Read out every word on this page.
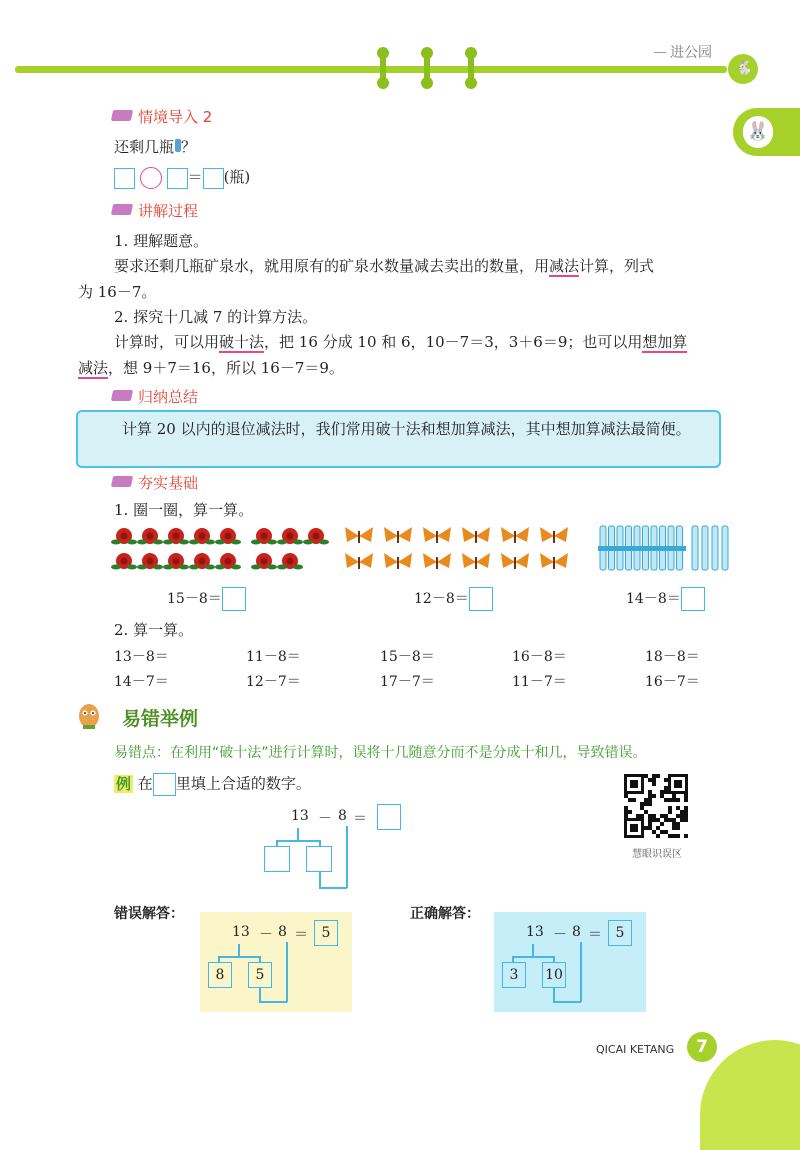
进公园
🐇
🐰
情境导入 2
还剩几瓶 ？
＝ (瓶)
讲解过程
1. 理解题意。
要求还剩几瓶矿泉水，就用原有的矿泉水数量减去卖出的数量，用减法计算，列式
为 16－7。
2. 探究十几减 7 的计算方法。
计算时，可以用破十法，把 16 分成 10 和 6，10－7＝3，3＋6＝9；也可以用想加算
减法，想 9＋7＝16，所以 16－7＝9。
归纳总结
计算 20 以内的退位减法时，我们常用破十法和想加算减法，其中想加算减法最简便。
夯实基础
1. 圈一圈，算一算。
15－8＝	12－8＝	14－8＝
2. 算一算。
13－8＝	11－8＝	15－8＝	16－8＝	18－8＝
14－7＝	12－7＝	17－7＝	11－7＝	16－7＝
易错举例
易错点：在利用“破十法”进行计算时，误将十几随意分而不是分成十和几，导致错误。
例 在 里填上合适的数字。
慧眼识误区
13 － 8 ＝
错误解答：	正确解答：
13 － 8 ＝ 5
8	5
13 － 8 ＝ 5
3	10
QICAI KETANG	7
